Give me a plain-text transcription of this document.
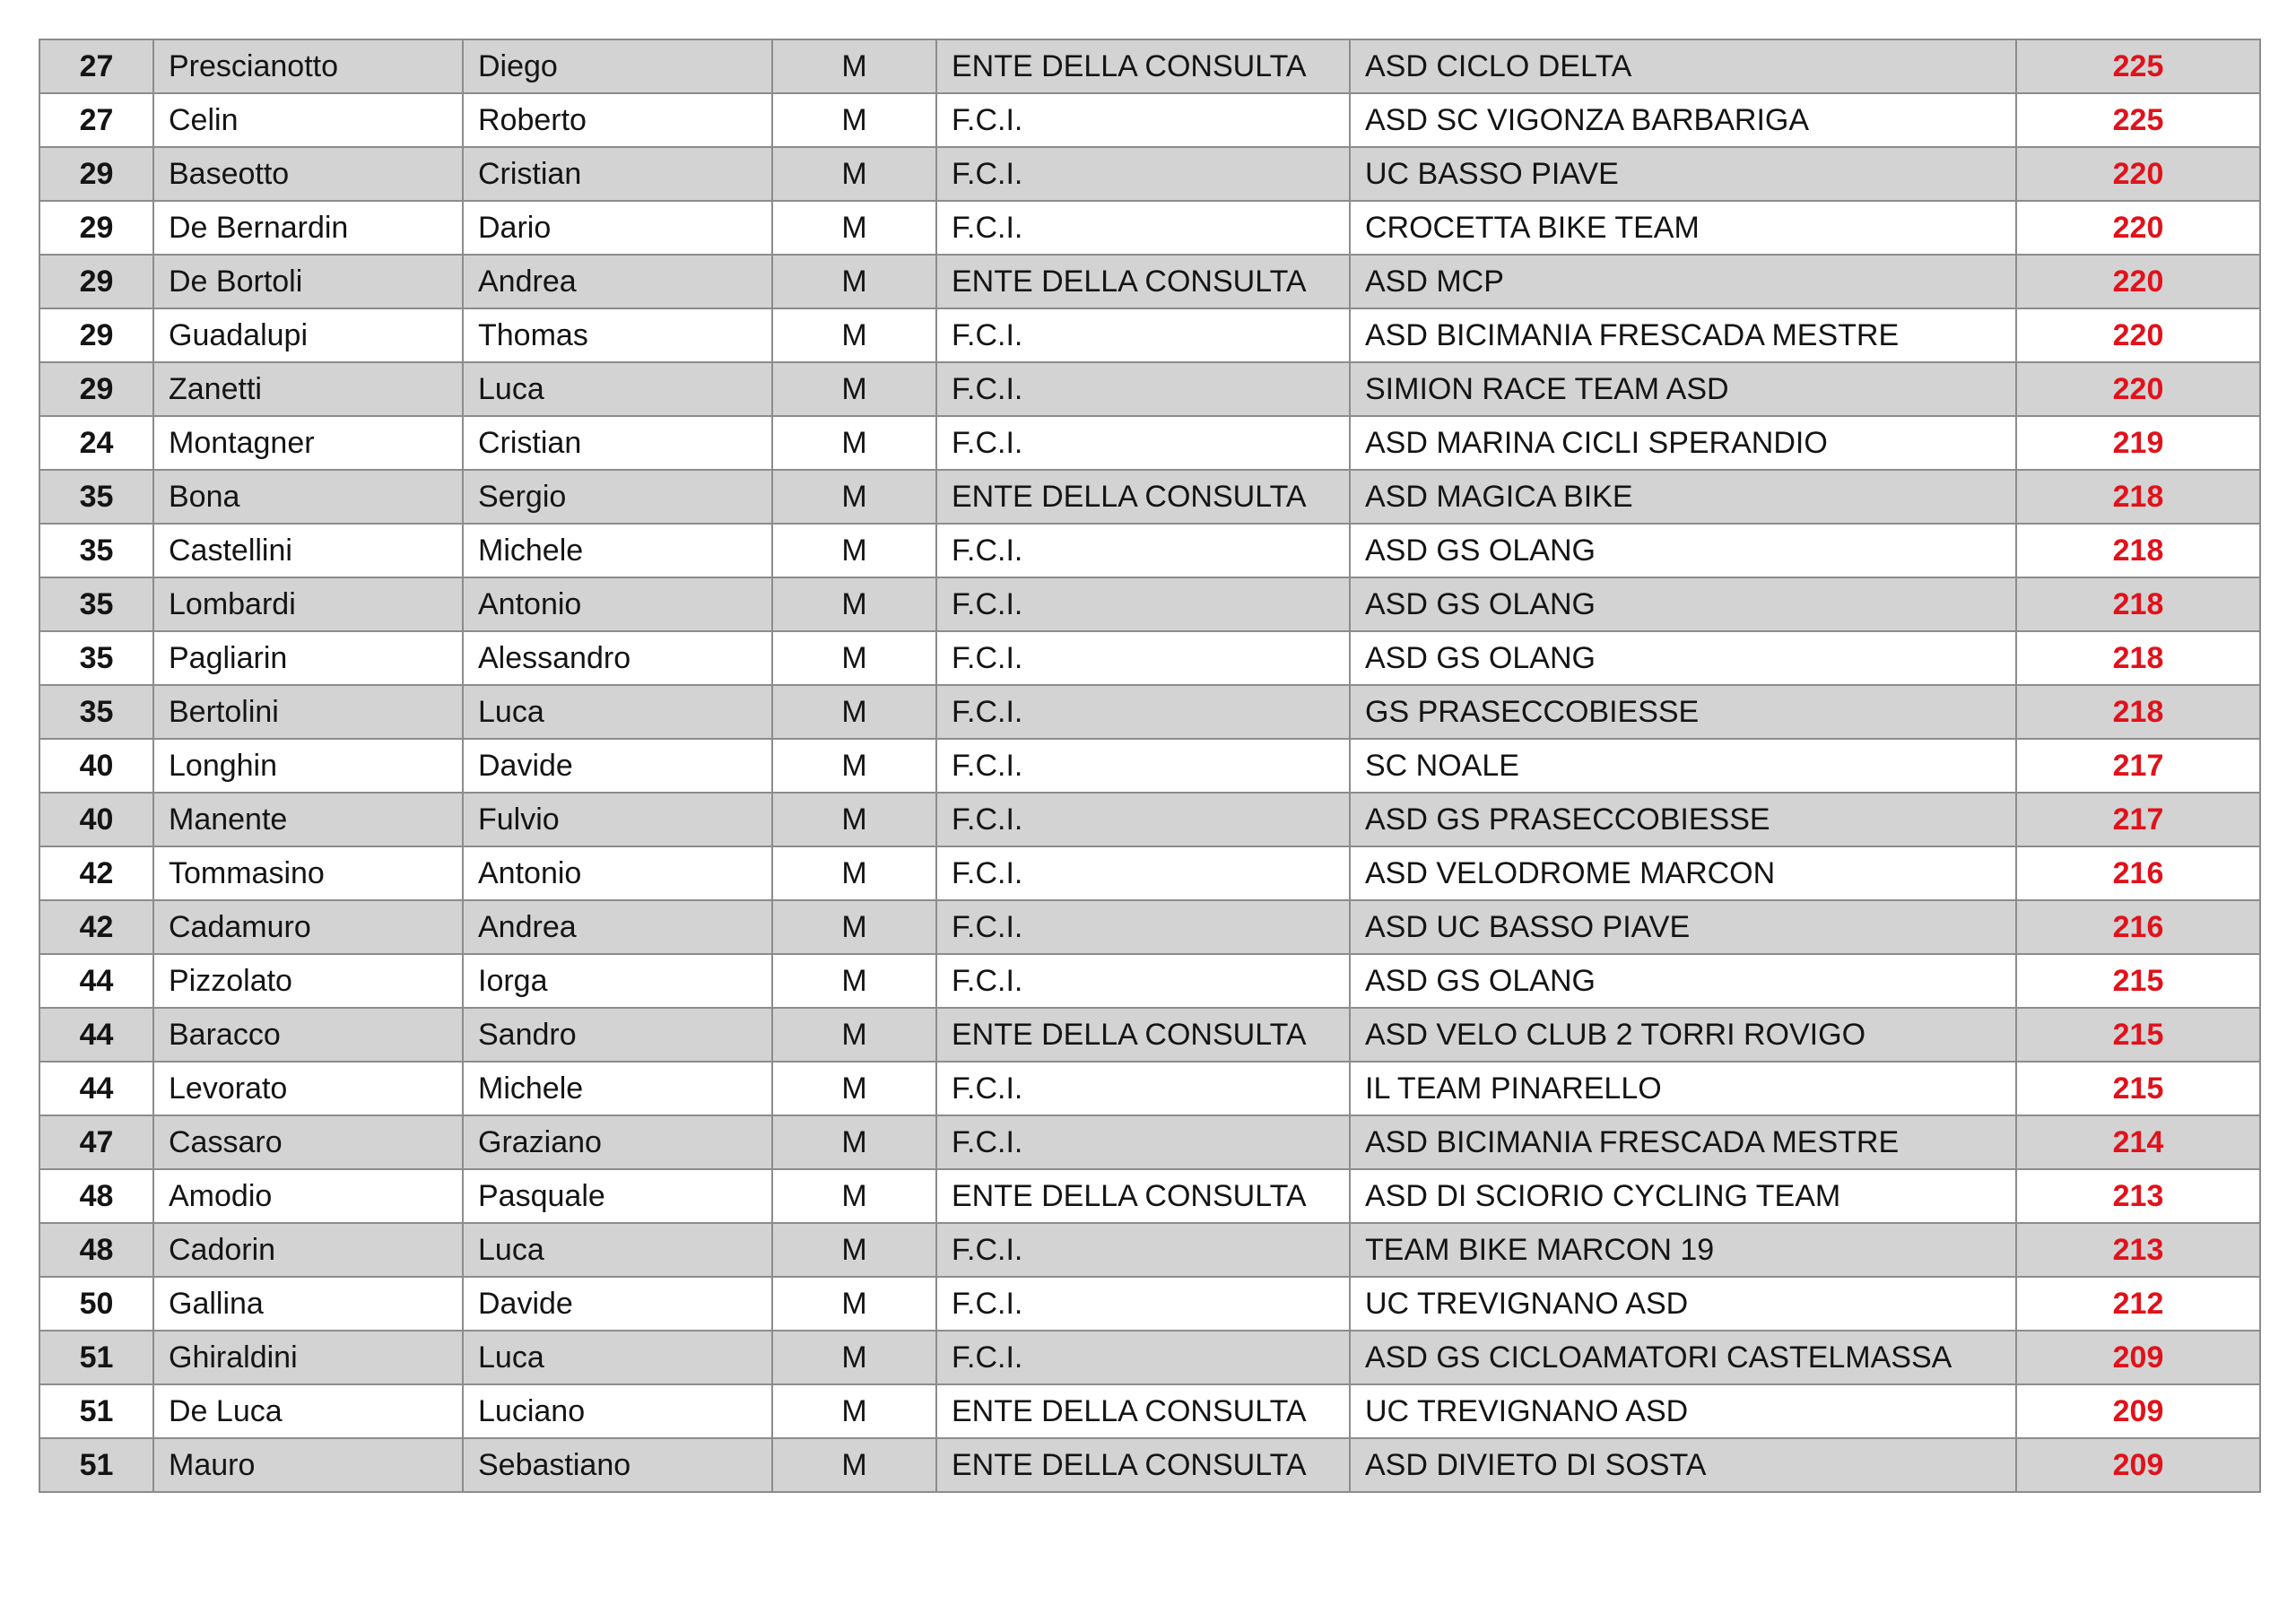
27	Prescianotto	Diego	M	ENTE DELLA CONSULTA	ASD CICLO DELTA	225
27	Celin	Roberto	M	F.C.I.	ASD SC VIGONZA BARBARIGA	225
29	Baseotto	Cristian	M	F.C.I.	UC BASSO PIAVE	220
29	De Bernardin	Dario	M	F.C.I.	CROCETTA BIKE TEAM	220
29	De Bortoli	Andrea	M	ENTE DELLA CONSULTA	ASD MCP	220
29	Guadalupi	Thomas	M	F.C.I.	ASD BICIMANIA FRESCADA MESTRE	220
29	Zanetti	Luca	M	F.C.I.	SIMION RACE TEAM ASD	220
24	Montagner	Cristian	M	F.C.I.	ASD MARINA CICLI SPERANDIO	219
35	Bona	Sergio	M	ENTE DELLA CONSULTA	ASD MAGICA BIKE	218
35	Castellini	Michele	M	F.C.I.	ASD GS OLANG	218
35	Lombardi	Antonio	M	F.C.I.	ASD GS OLANG	218
35	Pagliarin	Alessandro	M	F.C.I.	ASD GS OLANG	218
35	Bertolini	Luca	M	F.C.I.	GS PRASECCOBIESSE	218
40	Longhin	Davide	M	F.C.I.	SC NOALE	217
40	Manente	Fulvio	M	F.C.I.	ASD GS PRASECCOBIESSE	217
42	Tommasino	Antonio	M	F.C.I.	ASD VELODROME MARCON	216
42	Cadamuro	Andrea	M	F.C.I.	ASD UC BASSO PIAVE	216
44	Pizzolato	Iorga	M	F.C.I.	ASD GS OLANG	215
44	Baracco	Sandro	M	ENTE DELLA CONSULTA	ASD VELO CLUB 2 TORRI ROVIGO	215
44	Levorato	Michele	M	F.C.I.	IL TEAM PINARELLO	215
47	Cassaro	Graziano	M	F.C.I.	ASD BICIMANIA FRESCADA MESTRE	214
48	Amodio	Pasquale	M	ENTE DELLA CONSULTA	ASD DI SCIORIO CYCLING TEAM	213
48	Cadorin	Luca	M	F.C.I.	TEAM BIKE MARCON 19	213
50	Gallina	Davide	M	F.C.I.	UC TREVIGNANO ASD	212
51	Ghiraldini	Luca	M	F.C.I.	ASD GS CICLOAMATORI CASTELMASSA	209
51	De Luca	Luciano	M	ENTE DELLA CONSULTA	UC TREVIGNANO ASD	209
51	Mauro	Sebastiano	M	ENTE DELLA CONSULTA	ASD DIVIETO DI SOSTA	209
